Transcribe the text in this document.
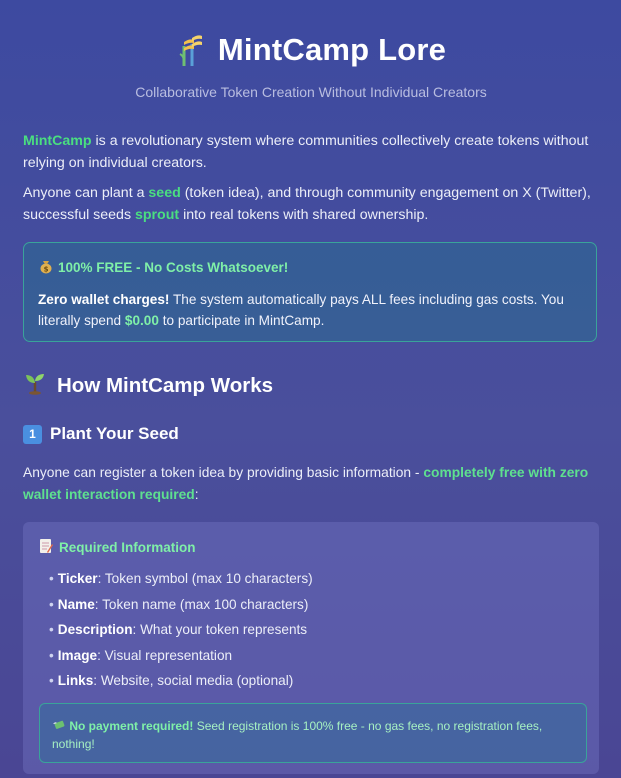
MintCamp Lore
Collaborative Token Creation Without Individual Creators

MintCamp is a revolutionary system where communities collectively create tokens without relying on individual creators.

Anyone can plant a seed (token idea), and through community engagement on X (Twitter), successful seeds sprout into real tokens with shared ownership.

$ 100% FREE - No Costs Whatsoever!
Zero wallet charges! The system automatically pays ALL fees including gas costs. You literally spend $0.00 to participate in MintCamp.
How MintCamp Works
1 Plant Your Seed
Anyone can register a token idea by providing basic information - completely free with zero wallet interaction required:
Required Information
• Ticker: Token symbol (max 10 characters)
• Name: Token name (max 100 characters)
• Description: What your token represents
• Image: Visual representation
• Links: Website, social media (optional)
No payment required! Seed registration is 100% free - no gas fees, no registration fees, nothing!
